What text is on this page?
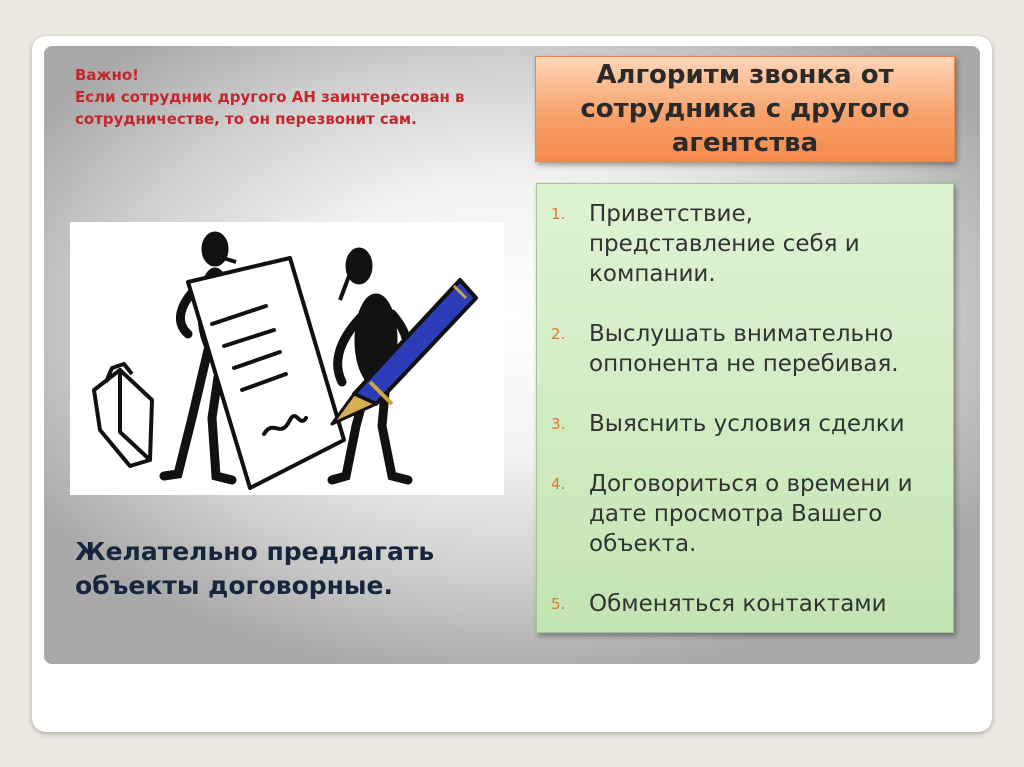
Важно!
Если сотрудник другого АН заинтересован в сотрудничестве, то он перезвонит сам.
Алгоритм звонка от сотрудника с другого агентства
1.	Приветствие, представление себя и компании.
2.	Выслушать внимательно оппонента не перебивая.
3.	Выяснить условия сделки
4.	Договориться о времени и дате просмотра Вашего объекта.
5.	Обменяться контактами
Желательно предлагать объекты договорные.
